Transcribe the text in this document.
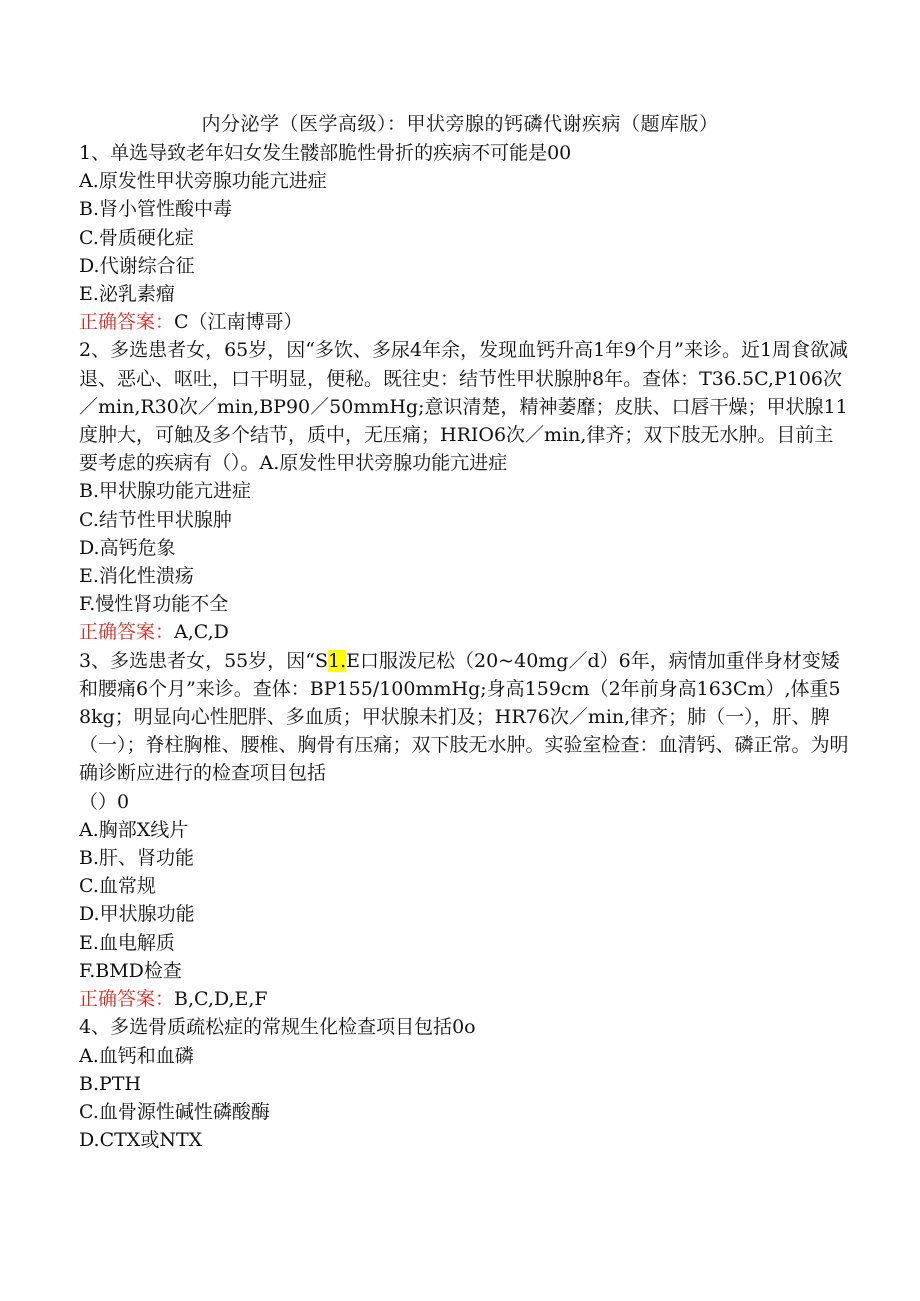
内分泌学（医学高级）：甲状旁腺的钙磷代谢疾病（题库版）
1、单选导致老年妇女发生髅部脆性骨折的疾病不可能是00
A.原发性甲状旁腺功能亢进症
B.肾小管性酸中毒
C.骨质硬化症
D.代谢综合征
E.泌乳素瘤
正确答案：C（江南博哥）
2、多选患者女，65岁，因“多饮、多尿4年余，发现血钙升高1年9个月”来诊。近1周食欲减退、恶心、呕吐，口干明显，便秘。既往史：结节性甲状腺肿8年。查体：T36.5C,P106次／min,R30次／min,BP90／50mmHg;意识清楚，精神萎靡；皮肤、口唇干燥；甲状腺11度肿大，可触及多个结节，质中，无压痛；HRIO6次／min,律齐；双下肢无水肿。目前主要考虑的疾病有（）。A.原发性甲状旁腺功能亢进症
B.甲状腺功能亢进症
C.结节性甲状腺肿
D.高钙危象
E.消化性溃疡
F.慢性肾功能不全
正确答案：A,C,D
3、多选患者女，55岁，因“S1.E口服泼尼松（20~40mg／d）6年，病情加重伴身材变矮和腰痛6个月”来诊。查体：BP155/100mmHg;身高159cm（2年前身高163Cm）,体重58kg；明显向心性肥胖、多血质；甲状腺未扪及；HR76次／min,律齐；肺（一），肝、脾（一）；脊柱胸椎、腰椎、胸骨有压痛；双下肢无水肿。实验室检查：血清钙、磷正常。为明确诊断应进行的检查项目包括
（）0
A.胸部X线片
B.肝、肾功能
C.血常规
D.甲状腺功能
E.血电解质
F.BMD检查
正确答案：B,C,D,E,F
4、多选骨质疏松症的常规生化检查项目包括0o
A.血钙和血磷
B.PTH
C.血骨源性碱性磷酸酶
D.CTX或NTX
